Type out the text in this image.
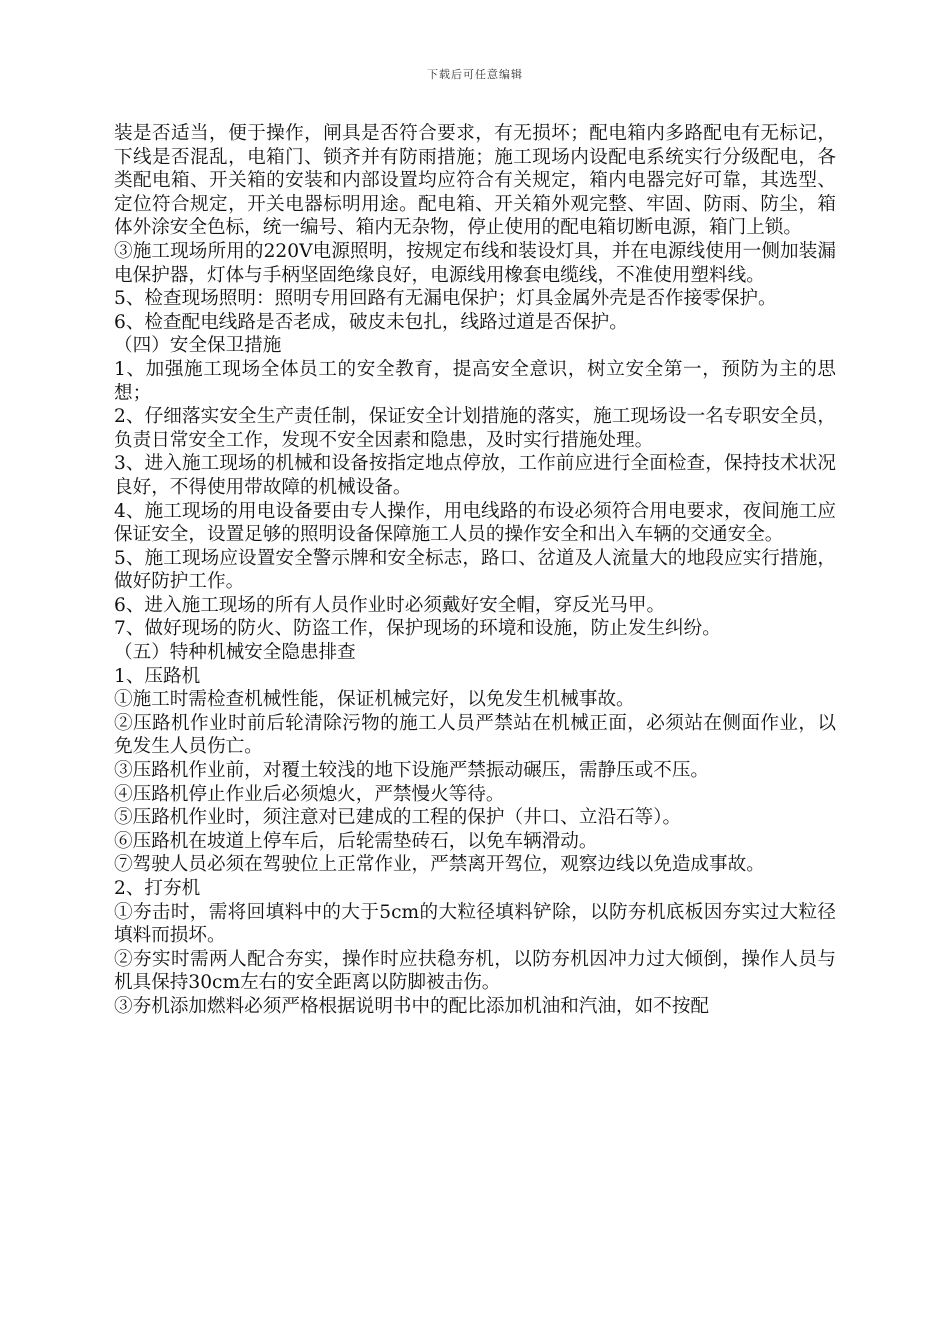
下载后可任意编辑

装是否适当，便于操作，闸具是否符合要求，有无损坏；配电箱内多路配电有无标记，下线是否混乱，电箱门、锁齐并有防雨措施；施工现场内设配电系统实行分级配电，各类配电箱、开关箱的安装和内部设置均应符合有关规定，箱内电器完好可靠，其选型、定位符合规定，开关电器标明用途。配电箱、开关箱外观完整、牢固、防雨、防尘，箱体外涂安全色标，统一编号、箱内无杂物，停止使用的配电箱切断电源，箱门上锁。

③施工现场所用的220V电源照明，按规定布线和装设灯具，并在电源线使用一侧加装漏电保护器，灯体与手柄坚固绝缘良好，电源线用橡套电缆线，不准使用塑料线。

5、检查现场照明：照明专用回路有无漏电保护；灯具金属外壳是否作接零保护。

6、检查配电线路是否老成，破皮未包扎，线路过道是否保护。

（四）安全保卫措施

1、加强施工现场全体员工的安全教育，提高安全意识，树立安全第一，预防为主的思想；

2、仔细落实安全生产责任制，保证安全计划措施的落实，施工现场设一名专职安全员，负责日常安全工作，发现不安全因素和隐患，及时实行措施处理。

3、进入施工现场的机械和设备按指定地点停放，工作前应进行全面检查，保持技术状况良好，不得使用带故障的机械设备。

4、施工现场的用电设备要由专人操作，用电线路的布设必须符合用电要求，夜间施工应保证安全，设置足够的照明设备保障施工人员的操作安全和出入车辆的交通安全。

5、施工现场应设置安全警示牌和安全标志，路口、岔道及人流量大的地段应实行措施，做好防护工作。

6、进入施工现场的所有人员作业时必须戴好安全帽，穿反光马甲。

7、做好现场的防火、防盗工作，保护现场的环境和设施，防止发生纠纷。

（五）特种机械安全隐患排查

1、压路机

①施工时需检查机械性能，保证机械完好，以免发生机械事故。

②压路机作业时前后轮清除污物的施工人员严禁站在机械正面，必须站在侧面作业，以免发生人员伤亡。

③压路机作业前，对覆土较浅的地下设施严禁振动碾压，需静压或不压。

④压路机停止作业后必须熄火，严禁慢火等待。

⑤压路机作业时，须注意对已建成的工程的保护（井口、立沿石等）。

⑥压路机在坡道上停车后，后轮需垫砖石，以免车辆滑动。

⑦驾驶人员必须在驾驶位上正常作业，严禁离开驾位，观察边线以免造成事故。

2、打夯机

①夯击时，需将回填料中的大于5cm的大粒径填料铲除，以防夯机底板因夯实过大粒径填料而损坏。

②夯实时需两人配合夯实，操作时应扶稳夯机，以防夯机因冲力过大倾倒，操作人员与机具保持30cm左右的安全距离以防脚被击伤。

③夯机添加燃料必须严格根据说明书中的配比添加机油和汽油，如不按配
